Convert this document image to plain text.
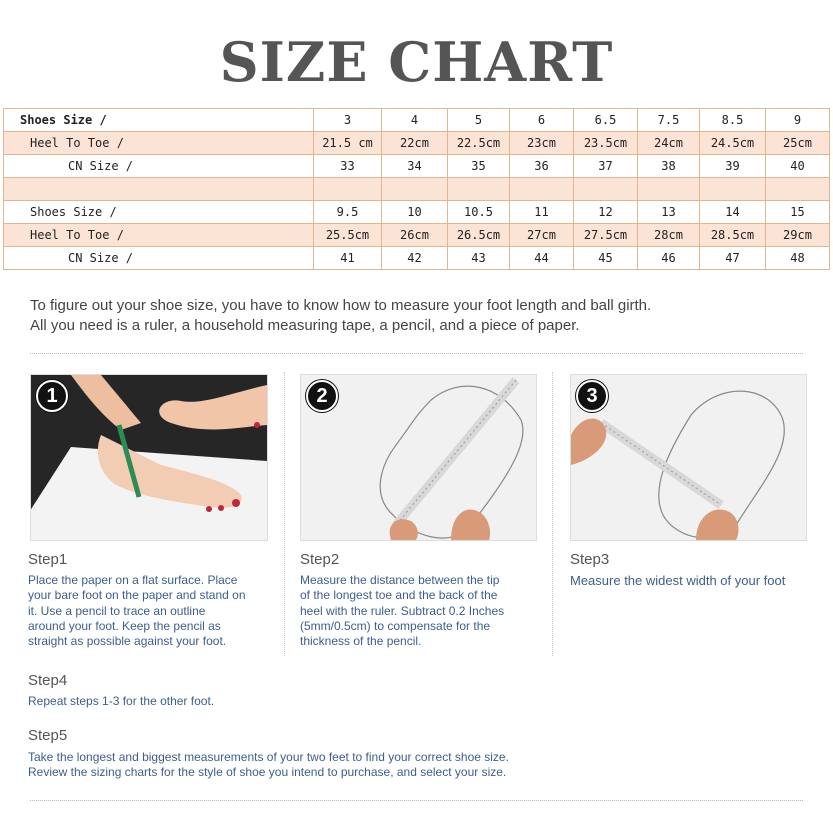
SIZE CHART
Shoes Size /	3	4	5	6	6.5	7.5	8.5	9
Heel To Toe /	21.5 cm	22cm	22.5cm	23cm	23.5cm	24cm	24.5cm	25cm
CN Size /	33	34	35	36	37	38	39	40

Shoes Size /	9.5	10	10.5	11	12	13	14	15
Heel To Toe /	25.5cm	26cm	26.5cm	27cm	27.5cm	28cm	28.5cm	29cm
CN Size /	41	42	43	44	45	46	47	48
To figure out your shoe size, you have to know how to measure your foot length and ball girth.
All you need is a ruler, a household measuring tape, a pencil, and a piece of paper.
1	2	3
Step1
Place the paper on a flat surface. Place
your bare foot on the paper and stand on
it. Use a pencil to trace an outline
around your foot. Keep the pencil as
straight as possible against your foot.
Step2
Measure the distance between the tip
of the longest toe and the back of the
heel with the ruler. Subtract 0.2 Inches
(5mm/0.5cm) to compensate for the
thickness of the pencil.
Step3
Measure the widest width of your foot
Step4
Repeat steps 1-3 for the other foot.
Step5
Take the longest and biggest measurements of your two feet to find your correct shoe size.
Review the sizing charts for the style of shoe you intend to purchase, and select your size.
